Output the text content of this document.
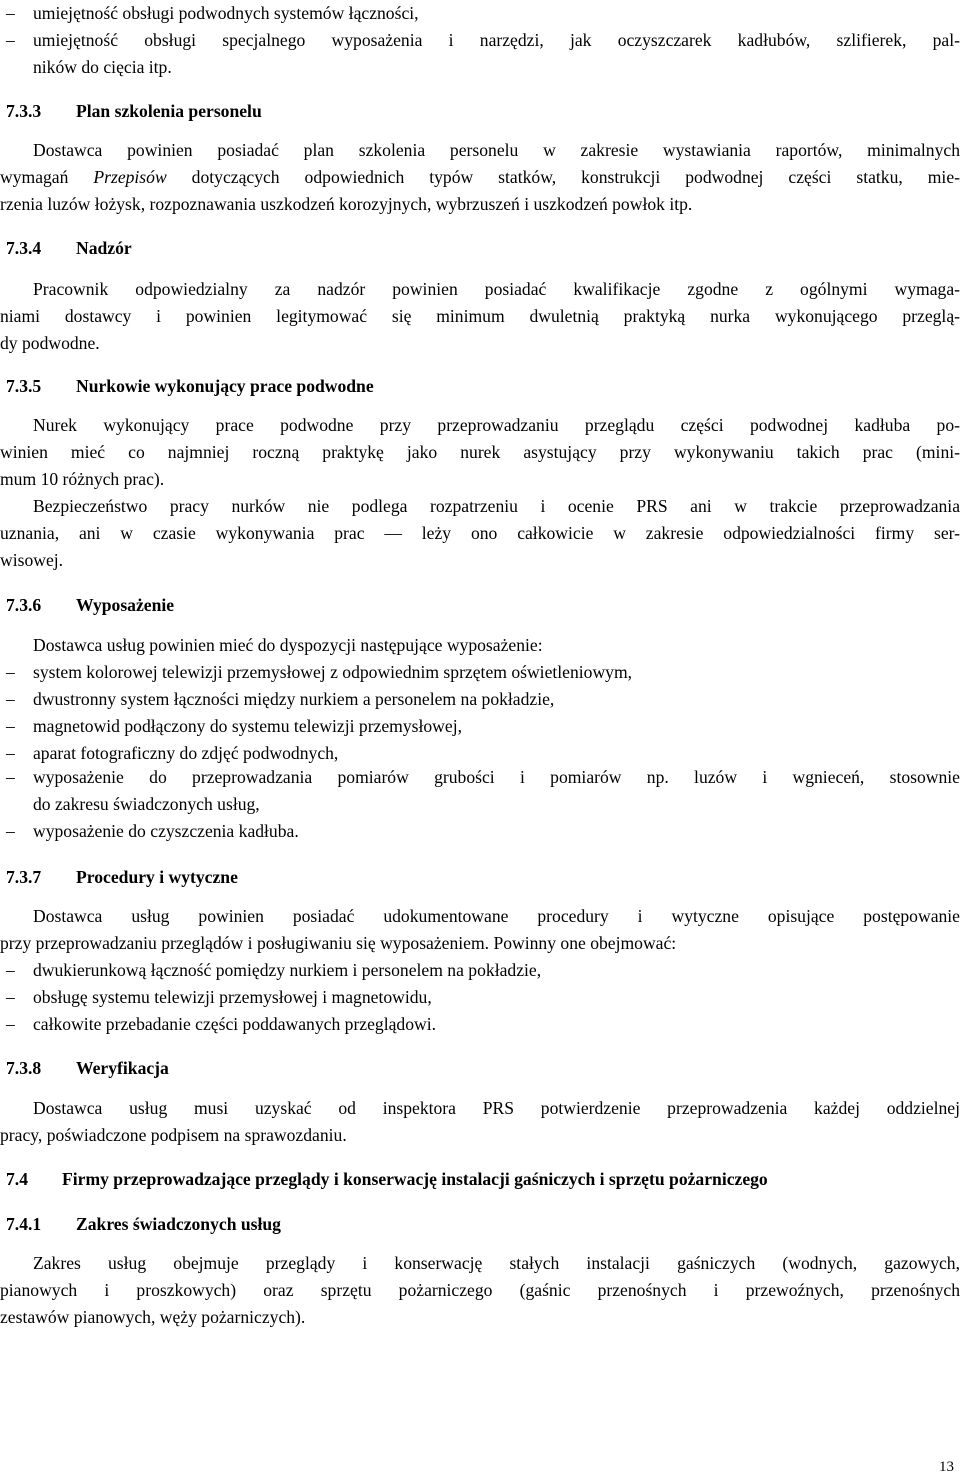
– umiejętność obsługi podwodnych systemów łączności,
– umiejętność obsługi specjalnego wyposażenia i narzędzi, jak oczyszczarek kadłubów, szlifierek, pal-
ników do cięcia itp.
7.3.3 Plan szkolenia personelu
Dostawca powinien posiadać plan szkolenia personelu w zakresie wystawiania raportów, minimalnych
wymagań Przepisów dotyczących odpowiednich typów statków, konstrukcji podwodnej części statku, mie-
rzenia luzów łożysk, rozpoznawania uszkodzeń korozyjnych, wybrzuszeń i uszkodzeń powłok itp.
7.3.4 Nadzór
Pracownik odpowiedzialny za nadzór powinien posiadać kwalifikacje zgodne z ogólnymi wymaga-
niami dostawcy i powinien legitymować się minimum dwuletnią praktyką nurka wykonującego przeglą-
dy podwodne.
7.3.5 Nurkowie wykonujący prace podwodne
Nurek wykonujący prace podwodne przy przeprowadzaniu przeglądu części podwodnej kadłuba po-
winien mieć co najmniej roczną praktykę jako nurek asystujący przy wykonywaniu takich prac (mini-
mum 10 różnych prac).
Bezpieczeństwo pracy nurków nie podlega rozpatrzeniu i ocenie PRS ani w trakcie przeprowadzania
uznania, ani w czasie wykonywania prac — leży ono całkowicie w zakresie odpowiedzialności firmy ser-
wisowej.
7.3.6 Wyposażenie
Dostawca usług powinien mieć do dyspozycji następujące wyposażenie:
– system kolorowej telewizji przemysłowej z odpowiednim sprzętem oświetleniowym,
– dwustronny system łączności między nurkiem a personelem na pokładzie,
– magnetowid podłączony do systemu telewizji przemysłowej,
– aparat fotograficzny do zdjęć podwodnych,
– wyposażenie do przeprowadzania pomiarów grubości i pomiarów np. luzów i wgnieceń, stosownie
do zakresu świadczonych usług,
– wyposażenie do czyszczenia kadłuba.
7.3.7 Procedury i wytyczne
Dostawca usług powinien posiadać udokumentowane procedury i wytyczne opisujące postępowanie
przy przeprowadzaniu przeglądów i posługiwaniu się wyposażeniem. Powinny one obejmować:
– dwukierunkową łączność pomiędzy nurkiem i personelem na pokładzie,
– obsługę systemu telewizji przemysłowej i magnetowidu,
– całkowite przebadanie części poddawanych przeglądowi.
7.3.8 Weryfikacja
Dostawca usług musi uzyskać od inspektora PRS potwierdzenie przeprowadzenia każdej oddzielnej
pracy, poświadczone podpisem na sprawozdaniu.
7.4 Firmy przeprowadzające przeglądy i konserwację instalacji gaśniczych i sprzętu pożarniczego
7.4.1 Zakres świadczonych usług
Zakres usług obejmuje przeglądy i konserwację stałych instalacji gaśniczych (wodnych, gazowych,
pianowych i proszkowych) oraz sprzętu pożarniczego (gaśnic przenośnych i przewoźnych, przenośnych
zestawów pianowych, węży pożarniczych).
13
